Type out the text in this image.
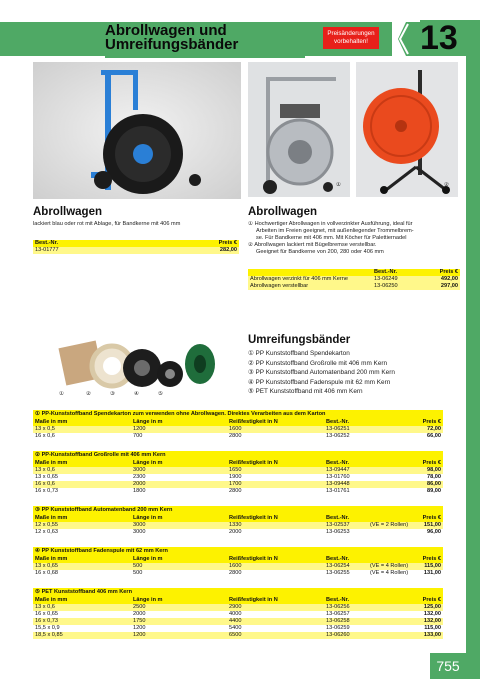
Abrollwagen und
Umreifungsbänder
Preisänderungen
vorbehalten!	13
755
①	②
Abrollwagen
lackiert blau oder rot mit Ablage, für Bandkerne mit 406 mm
Best.-Nr.	Preis €
13-01777	282,00
Abrollwagen
① Hochwertiger Abrollwagen in vollverzinkter Ausführung, ideal für
Arbeiten im Freien geeignet, mit außenliegender Trommelbrem-
se. Für Bandkerne mit 406 mm. Mit Köcher für Palettiernadel
② Abrollwagen lackiert mit Bügelbremse verstellbar.
Geeignet für Bandkerne von 200, 280 oder 406 mm
Best.-Nr.	Preis €
Abrollwagen verzinkt für 406 mm Kerne	13-06249	492,00
Abrollwagen verstellbar	13-06250	297,00
①	②	③	④	⑤
Umreifungsbänder
① PP Kunststoffband Spendekarton
② PP Kunststoffband Großrolle mit 406 mm Kern
③ PP Kunststoffband Automatenband 200 mm Kern
④ PP Kunststoffband Fadenspule mit 62 mm Kern
⑤ PET Kunststoffband mit 406 mm Kern
① PP-Kunststoffband Spendekarton zum verwenden ohne Abrollwagen. Direktes Verarbeiten aus dem Karton
Maße in mm	Länge in m	Reißfestigkeit in N	Best.-Nr.	Preis €
13 x 0,5	1200	1600	13-06251	72,00
16 x 0,6	700	2800	13-06252	66,00
② PP-Kunststoffband Großrolle mit 406 mm Kern
Maße in mm	Länge in m	Reißfestigkeit in N	Best.-Nr.	Preis €
13 x 0,6	3000	1650	13-09447	98,00
13 x 0,65	2300	1900	13-01760	78,00
16 x 0,6	2000	1700	13-09448	86,00
16 x 0,73	1800	2800	13-01761	89,00
③ PP Kunststoffband Automatenband 200 mm Kern
Maße in mm	Länge in m	Reißfestigkeit in N	Best.-Nr.	Preis €
12 x 0,55	3000	1330	13-02537	(VE = 2 Rollen)	151,00
12 x 0,63	3000	2000	13-06253	96,00
④ PP Kunststoffband Fadenspule mit 62 mm Kern
Maße in mm	Länge in m	Reißfestigkeit in N	Best.-Nr.	Preis €
13 x 0,65	500	1600	13-06254	(VE = 4 Rollen)	115,00
16 x 0,68	500	2800	13-06255	(VE = 4 Rollen)	131,00
⑤ PET Kunststoffband 406 mm Kern
Maße in mm	Länge in m	Reißfestigkeit in N	Best.-Nr.	Preis €
13 x 0,6	2500	2900	13-06256	125,00
16 x 0,65	2000	4000	13-06257	132,00
16 x 0,73	1750	4400	13-06258	132,00
15,5 x 0,9	1200	5400	13-06259	115,00
18,5 x 0,85	1200	6500	13-06260	133,00
